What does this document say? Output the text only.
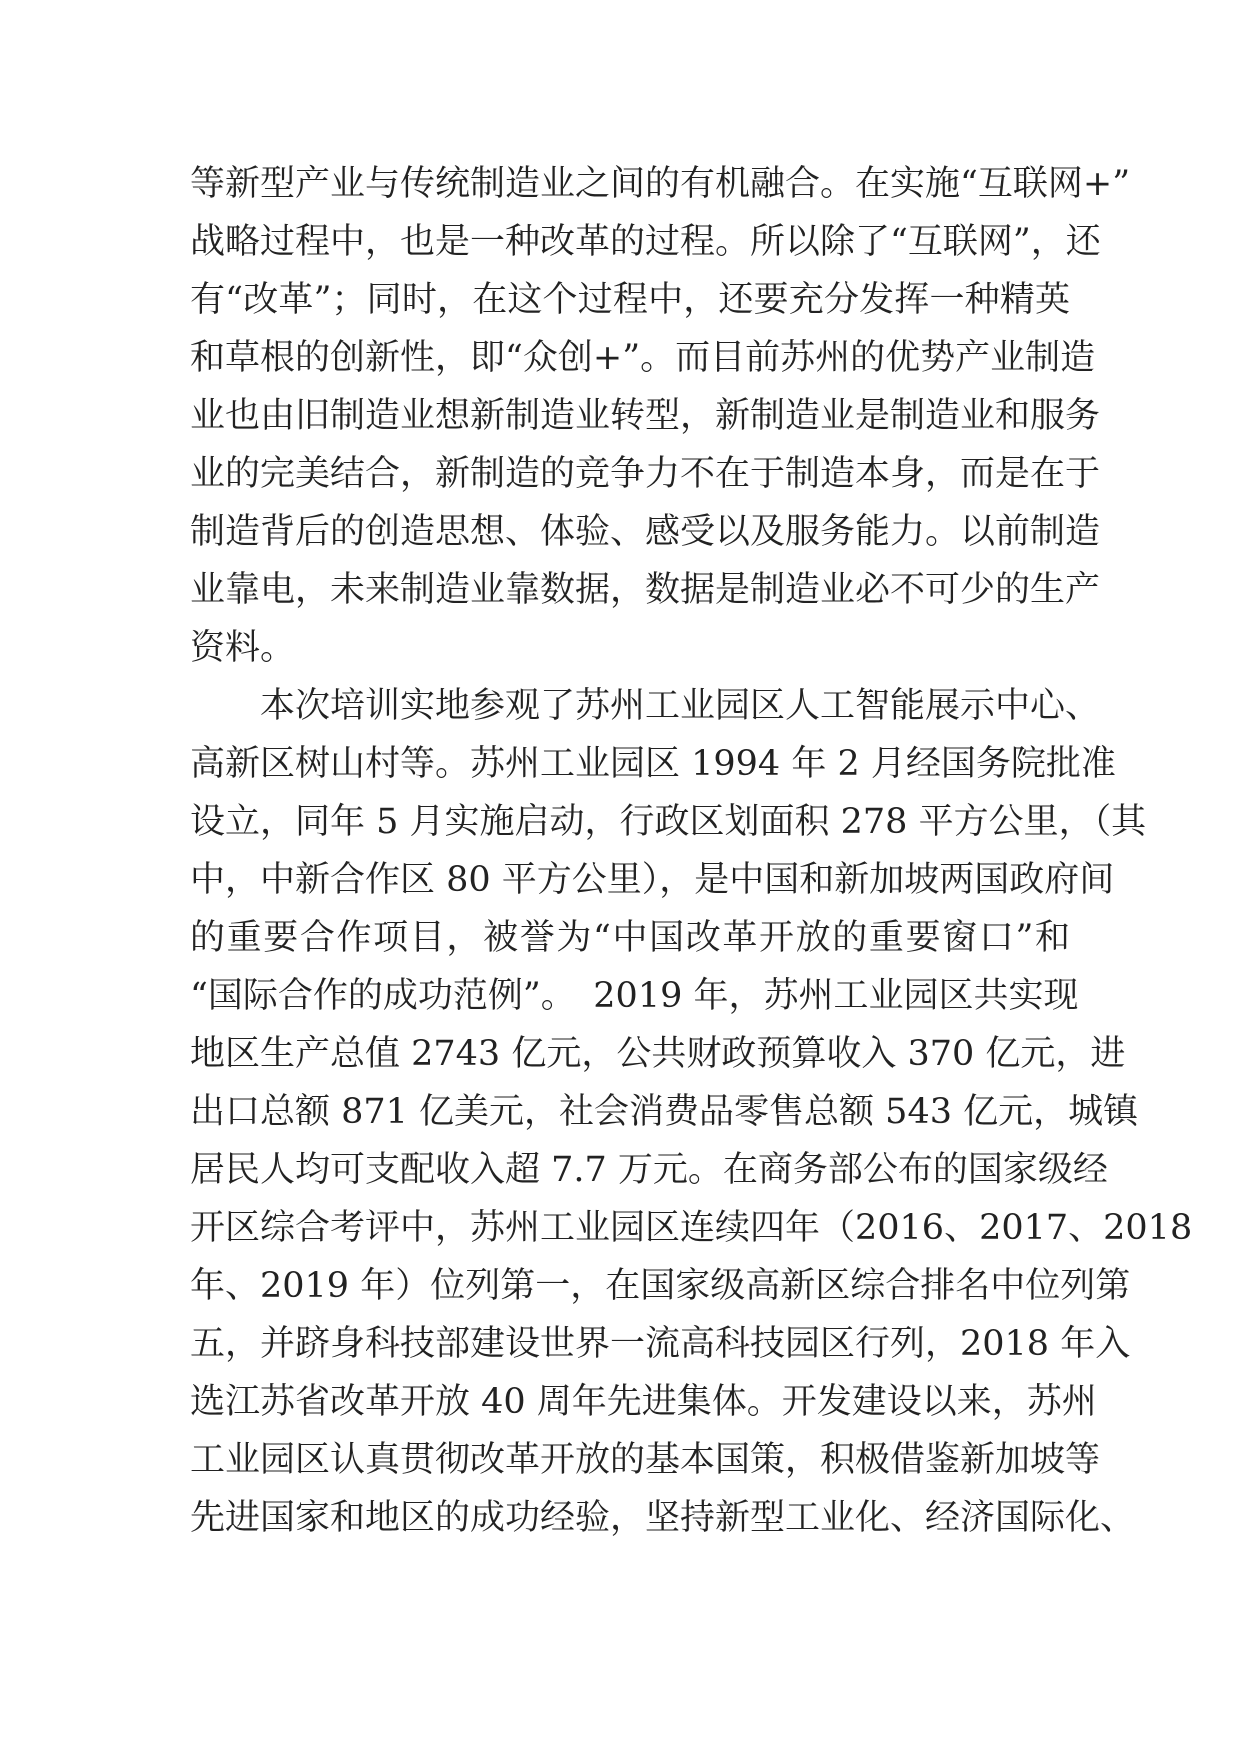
等新型产业与传统制造业之间的有机融合。在实施“互联网+”
战略过程中，也是一种改革的过程。所以除了“互联网”，还
有“改革”；同时，在这个过程中，还要充分发挥一种精英
和草根的创新性，即“众创+”。而目前苏州的优势产业制造
业也由旧制造业想新制造业转型，新制造业是制造业和服务
业的完美结合，新制造的竞争力不在于制造本身，而是在于
制造背后的创造思想、体验、感受以及服务能力。以前制造
业靠电，未来制造业靠数据，数据是制造业必不可少的生产
资料。
　　本次培训实地参观了苏州工业园区人工智能展示中心、
高新区树山村等。苏州工业园区 1994 年 2 月经国务院批准
设立，同年 5 月实施启动，行政区划面积 278 平方公里，（其
中，中新合作区 80 平方公里），是中国和新加坡两国政府间
的重要合作项目，被誉为“中国改革开放的重要窗口”和
“国际合作的成功范例”。　2019 年，苏州工业园区共实现
地区生产总值 2743 亿元，公共财政预算收入 370 亿元，进
出口总额 871 亿美元，社会消费品零售总额 543 亿元，城镇
居民人均可支配收入超 7.7 万元。在商务部公布的国家级经
开区综合考评中，苏州工业园区连续四年（2016、2017、2018
年、2019 年）位列第一，在国家级高新区综合排名中位列第
五，并跻身科技部建设世界一流高科技园区行列，2018 年入
选江苏省改革开放 40 周年先进集体。开发建设以来，苏州
工业园区认真贯彻改革开放的基本国策，积极借鉴新加坡等
先进国家和地区的成功经验，坚持新型工业化、经济国际化、
